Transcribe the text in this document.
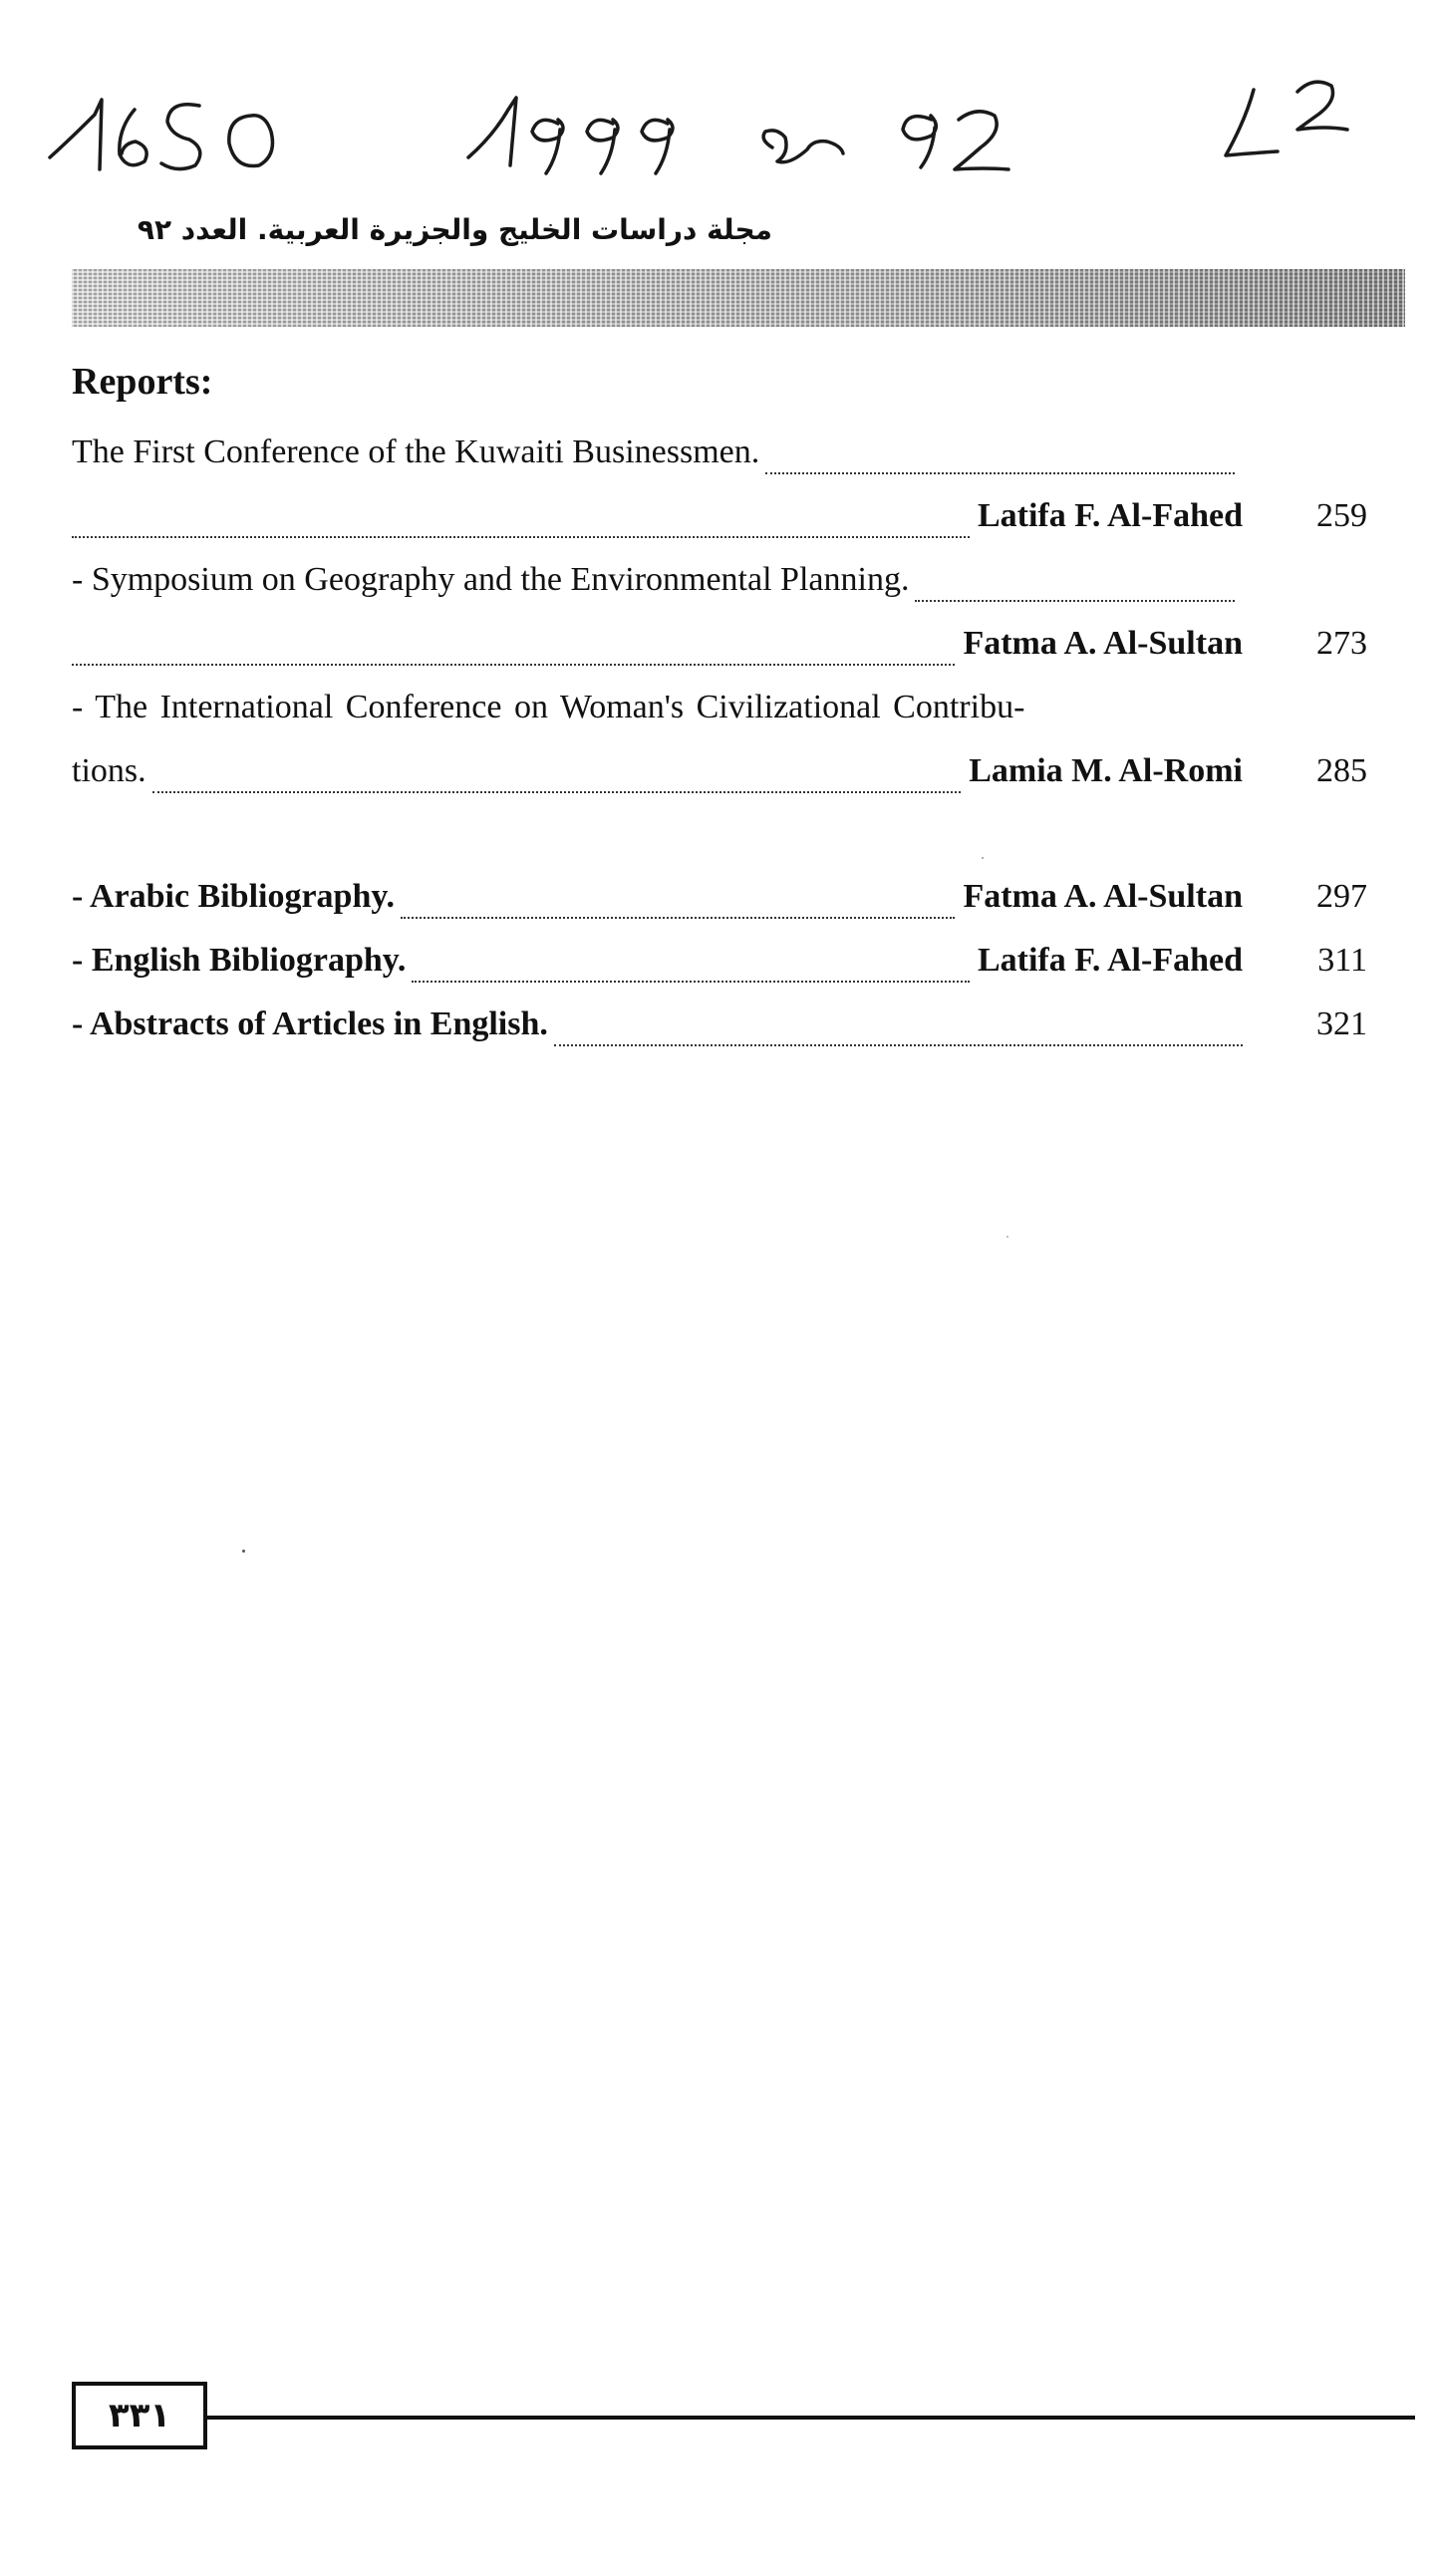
مجلة دراسات الخليج والجزيرة العربية. العدد ٩٢
Reports:
The First Conference of the Kuwaiti Businessmen.
Latifa F. Al-Fahed	259
- Symposium on Geography and the Environmental Planning.
Fatma A. Al-Sultan	273
- The International Conference on Woman's Civilizational Contribu-
tions.	Lamia M. Al-Romi	285
- Arabic Bibliography.	Fatma A. Al-Sultan	297
- English Bibliography.	Latifa F. Al-Fahed	311
- Abstracts of Articles in English.	321
٣٣١
